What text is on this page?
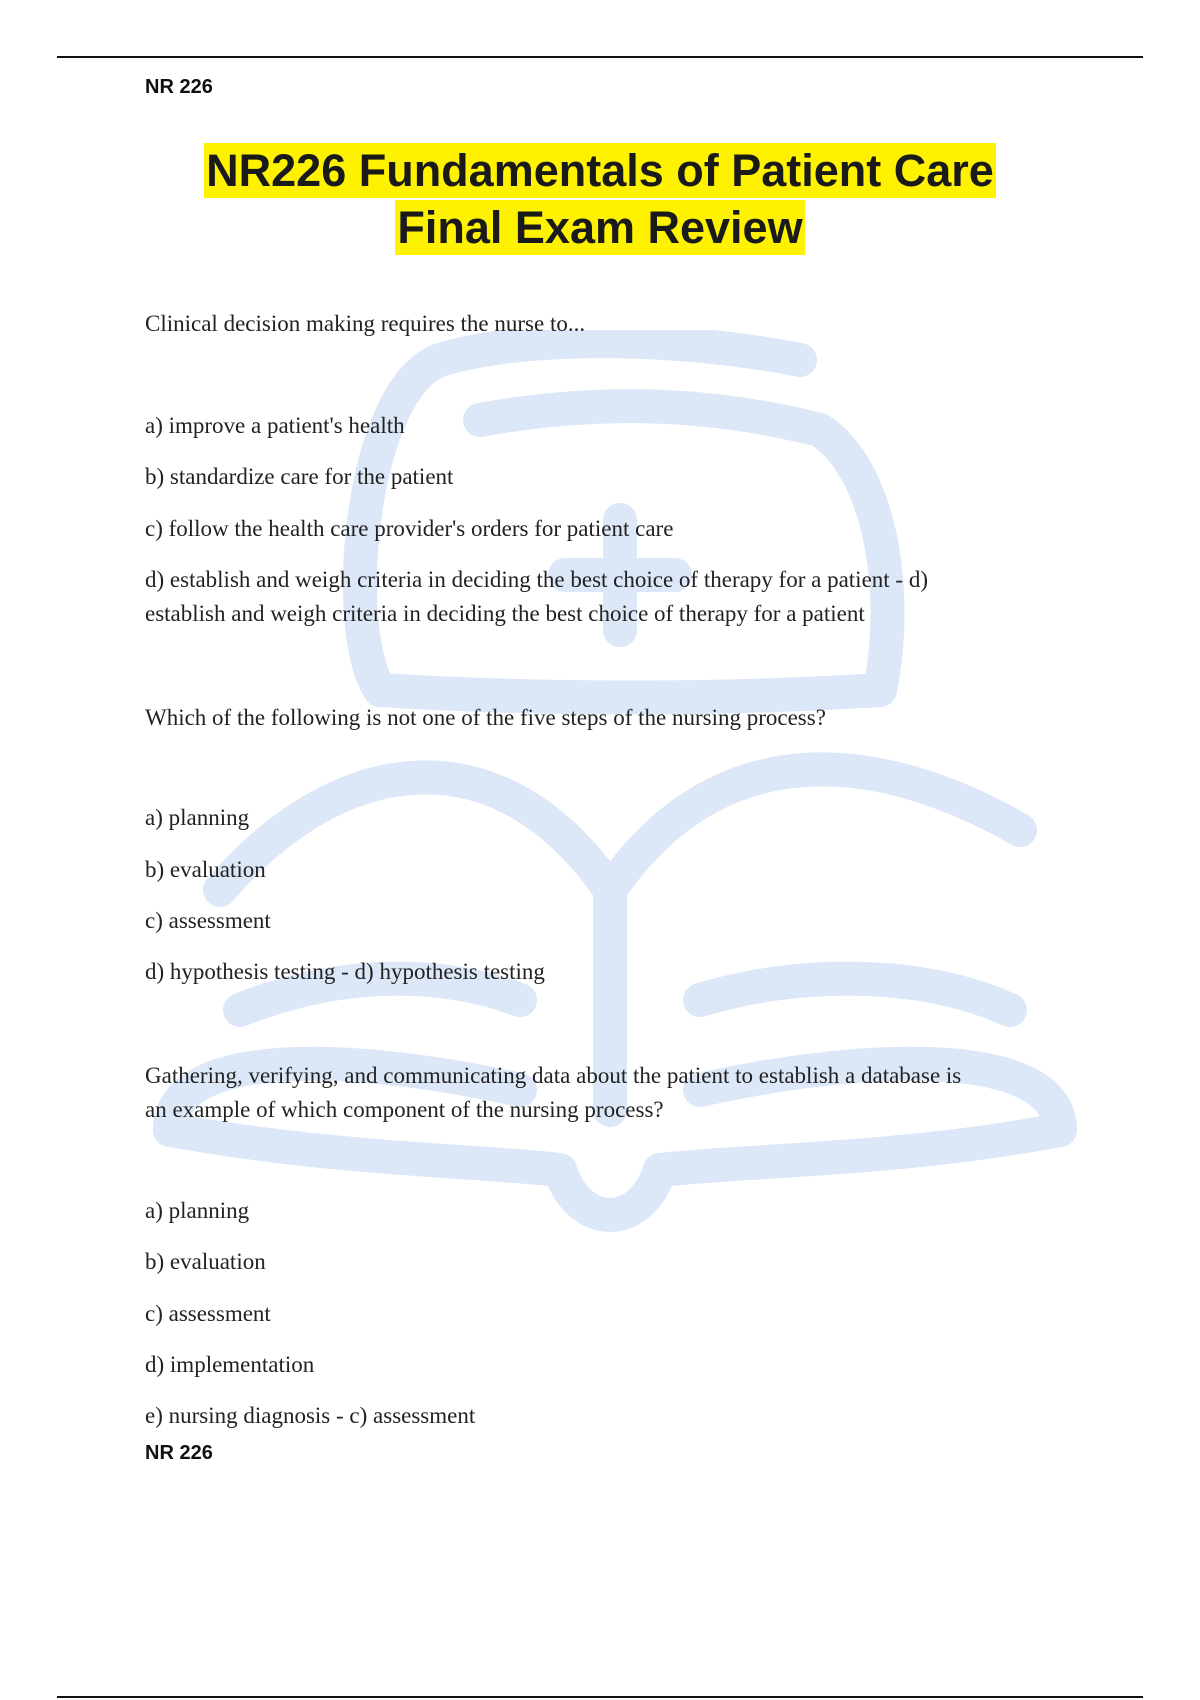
NR 226
NR226 Fundamentals of Patient Care
Final Exam Review
Clinical decision making requires the nurse to...
a) improve a patient's health
b) standardize care for the patient
c) follow the health care provider's orders for patient care
d) establish and weigh criteria in deciding the best choice of therapy for a patient - d)
establish and weigh criteria in deciding the best choice of therapy for a patient
Which of the following is not one of the five steps of the nursing process?
a) planning
b) evaluation
c) assessment
d) hypothesis testing - d) hypothesis testing
Gathering, verifying, and communicating data about the patient to establish a database is
an example of which component of the nursing process?
a) planning
b) evaluation
c) assessment
d) implementation
e) nursing diagnosis - c) assessment
NR 226
